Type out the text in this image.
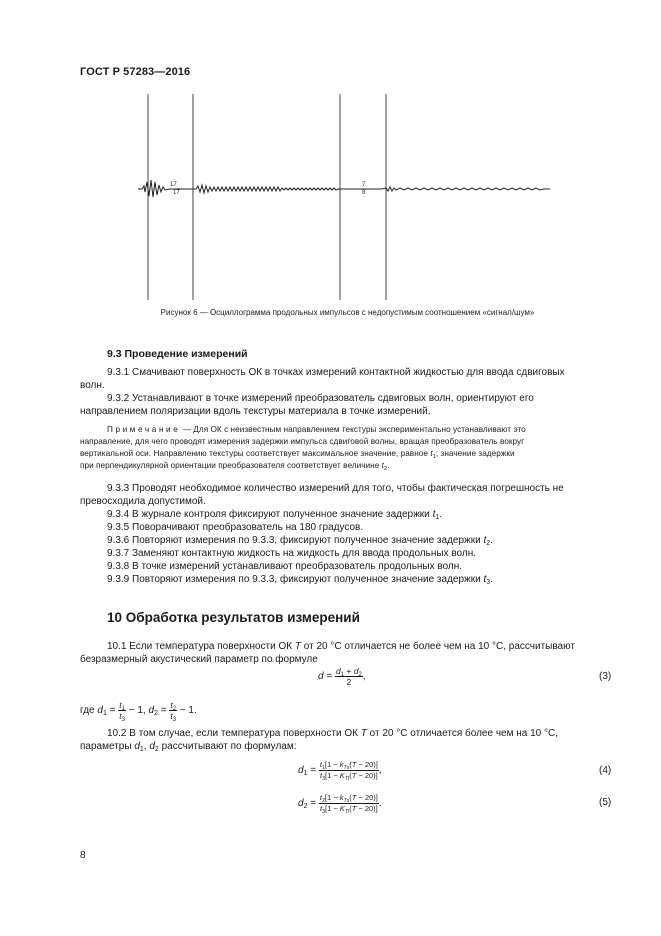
ГОСТ Р 57283—2016
17
17
7
8
Рисунок 6 — Осциллограмма продольных импульсов с недопустимым соотношением «сигнал/шум»
9.3 Проведение измерений
9.3.1 Смачивают поверхность ОК в точках измерений контактной жидкостью для ввода сдвиговых
волн.
9.3.2 Устанавливают в точке измерений преобразователь сдвиговых волн, ориентируют его
направлением поляризации вдоль текстуры материала в точке измерений.
Примечание — Для ОК с неизвестным направлением текстуры экспериментально устанавливают это
направление, для чего проводят измерения задержки импульса сдвиговой волны, вращая преобразователь вокруг
вертикальной оси. Направлению текстуры соответствует максимальное значение, равное $t_1$; значение задержки
при перпендикулярной ориентации преобразователя соответствует величине $t_2$.
9.3.3 Проводят необходимое количество измерений для того, чтобы фактическая погрешность не
превосходила допустимой.
9.3.4 В журнале контроля фиксируют полученное значение задержки $t_1$.
9.3.5 Поворачивают преобразователь на 180 градусов.
9.3.6 Повторяют измерения по 9.3.3, фиксируют полученное значение задержки $t_2$.
9.3.7 Заменяют контактную жидкость на жидкость для ввода продольных волн.
9.3.8 В точке измерений устанавливают преобразователь продольных волн.
9.3.9 Повторяют измерения по 9.3.3, фиксируют полученное значение задержки $t_3$.
10 Обработка результатов измерений
10.1 Если температура поверхности ОК T от 20 °С отличается не более чем на 10 °С, рассчитывают
безразмерный акустический параметр по формуле
$d = \frac{d_1 + d_2}{2}$ ,	(3)
где $d_1 = \frac{t_1}{t_3} - 1$, $d_2 = \frac{t_2}{t_3} - 1$.
10.2 В том случае, если температура поверхности ОК T от 20 °С отличается более чем на 10 °С,
параметры $d_1$, $d_2$ рассчитывают по формулам:
$d_1 = \frac{t_1[1 - k_{Ts}(T - 20)]}{t_3[1 - K_{Tl}(T - 20)]}$ ,	(4)
$d_2 = \frac{t_2[1 - k_{Ts}(T - 20)]}{t_3[1 - K_{Tl}(T - 20)]}$ .	(5)
8
